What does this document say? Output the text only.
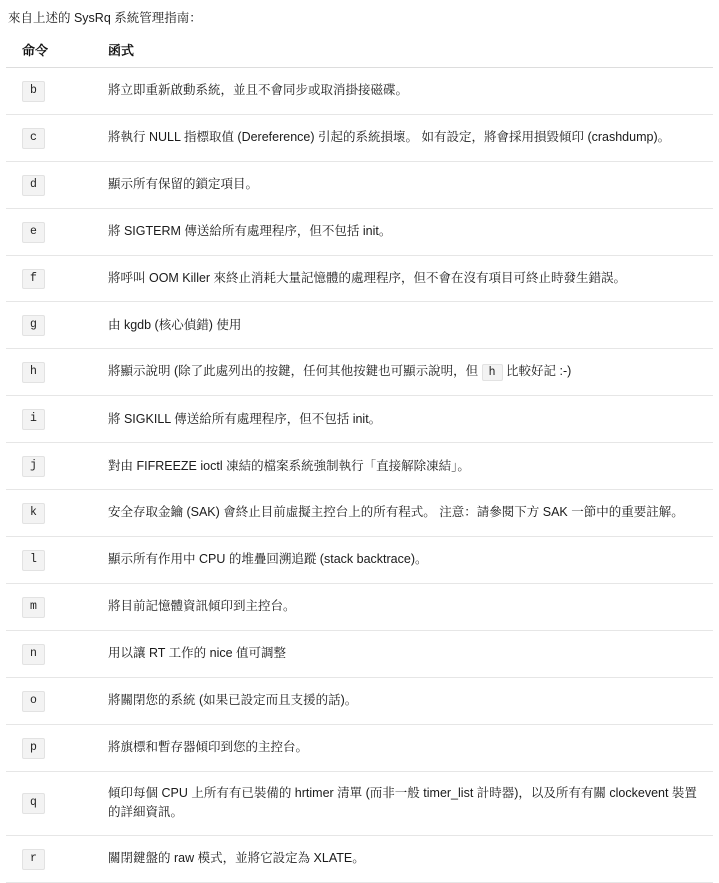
來自上述的 SysRq 系統管理指南：
命令	函式
b	將立即重新啟動系統，並且不會同步或取消掛接磁碟。
c	將執行 NULL 指標取值 (Dereference) 引起的系統損壞。 如有設定，將會採用損毀傾印 (crashdump)。
d	顯示所有保留的鎖定項目。
e	將 SIGTERM 傳送給所有處理程序，但不包括 init。
f	將呼叫 OOM Killer 來終止消耗大量記憶體的處理程序，但不會在沒有項目可終止時發生錯誤。
g	由 kgdb (核心偵錯) 使用
h	將顯示說明 (除了此處列出的按鍵，任何其他按鍵也可顯示說明，但 h 比較好記 :-)
i	將 SIGKILL 傳送給所有處理程序，但不包括 init。
j	對由 FIFREEZE ioctl 凍結的檔案系統強制執行「直接解除凍結」。
k	安全存取金鑰 (SAK) 會終止目前虛擬主控台上的所有程式。 注意：請參閱下方 SAK 一節中的重要註解。
l	顯示所有作用中 CPU 的堆疊回溯追蹤 (stack backtrace)。
m	將目前記憶體資訊傾印到主控台。
n	用以讓 RT 工作的 nice 值可調整
o	將關閉您的系統 (如果已設定而且支援的話)。
p	將旗標和暫存器傾印到您的主控台。
q	傾印每個 CPU 上所有有已裝備的 hrtimer 清單 (而非一般 timer_list 計時器)，以及所有有關 clockevent 裝置的詳細資訊。
r	關閉鍵盤的 raw 模式，並將它設定為 XLATE。
